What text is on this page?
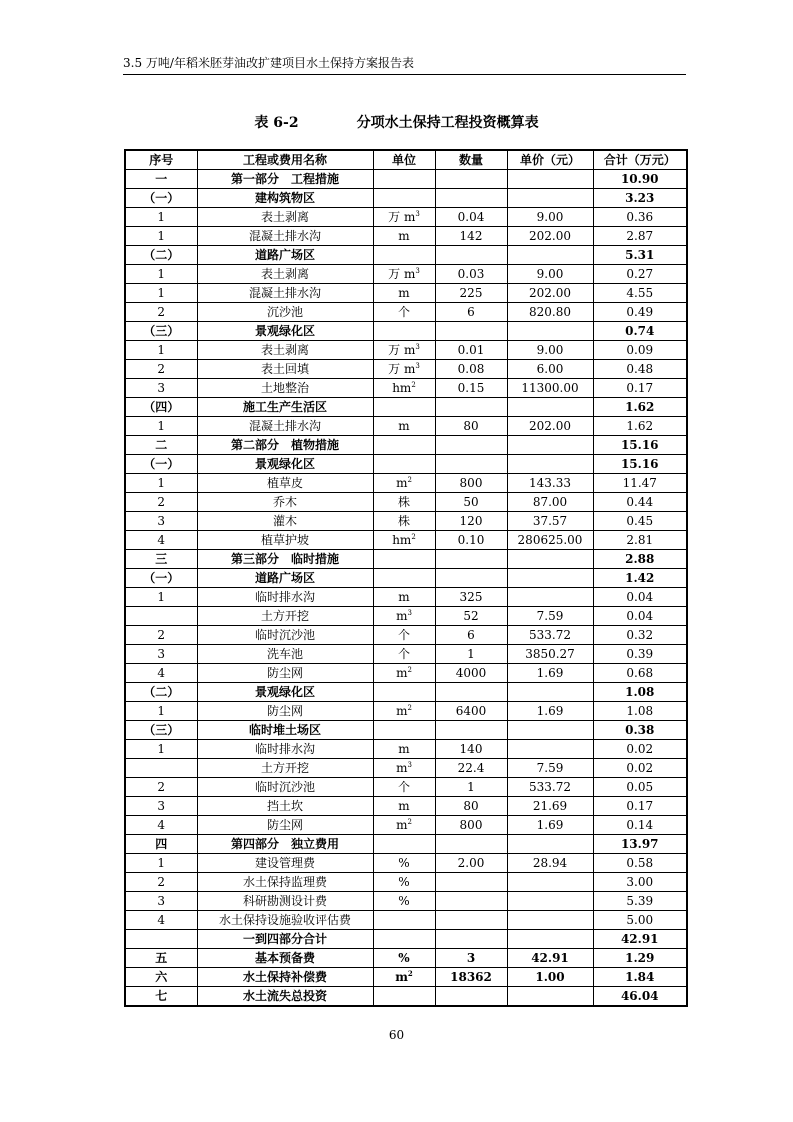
3.5 万吨/年稻米胚芽油改扩建项目水土保持方案报告表
表 6-2	分项水土保持工程投资概算表
序号	工程或费用名称	单位	数量	单价（元）	合计（万元）
一	第一部分　工程措施				10.90
（一）	建构筑物区				3.23
1	表土剥离	万 $m^3$	0.04	9.00	0.36
1	混凝土排水沟	m	142	202.00	2.87
（二）	道路广场区				5.31
1	表土剥离	万 $m^3$	0.03	9.00	0.27
1	混凝土排水沟	m	225	202.00	4.55
2	沉沙池	个	6	820.80	0.49
（三）	景观绿化区				0.74
1	表土剥离	万 $m^3$	0.01	9.00	0.09
2	表土回填	万 $m^3$	0.08	6.00	0.48
3	土地整治	$hm^2$	0.15	11300.00	0.17
（四）	施工生产生活区				1.62
1	混凝土排水沟	m	80	202.00	1.62
二	第二部分　植物措施				15.16
（一）	景观绿化区				15.16
1	植草皮	$m^2$	800	143.33	11.47
2	乔木	株	50	87.00	0.44
3	灌木	株	120	37.57	0.45
4	植草护坡	$hm^2$	0.10	280625.00	2.81
三	第三部分　临时措施				2.88
（一）	道路广场区				1.42
1	临时排水沟	m	325		0.04
	土方开挖	$m^3$	52	7.59	0.04
2	临时沉沙池	个	6	533.72	0.32
3	洗车池	个	1	3850.27	0.39
4	防尘网	$m^2$	4000	1.69	0.68
（二）	景观绿化区				1.08
1	防尘网	$m^2$	6400	1.69	1.08
（三）	临时堆土场区				0.38
1	临时排水沟	m	140		0.02
	土方开挖	$m^3$	22.4	7.59	0.02
2	临时沉沙池	个	1	533.72	0.05
3	挡土坎	m	80	21.69	0.17
4	防尘网	$m^2$	800	1.69	0.14
四	第四部分　独立费用				13.97
1	建设管理费	%	2.00	28.94	0.58
2	水土保持监理费	%			3.00
3	科研勘测设计费	%			5.39
4	水土保持设施验收评估费				5.00
	一到四部分合计				42.91
五	基本预备费	%	3	42.91	1.29
六	水土保持补偿费	$m^2$	18362	1.00	1.84
七	水土流失总投资				46.04
60
